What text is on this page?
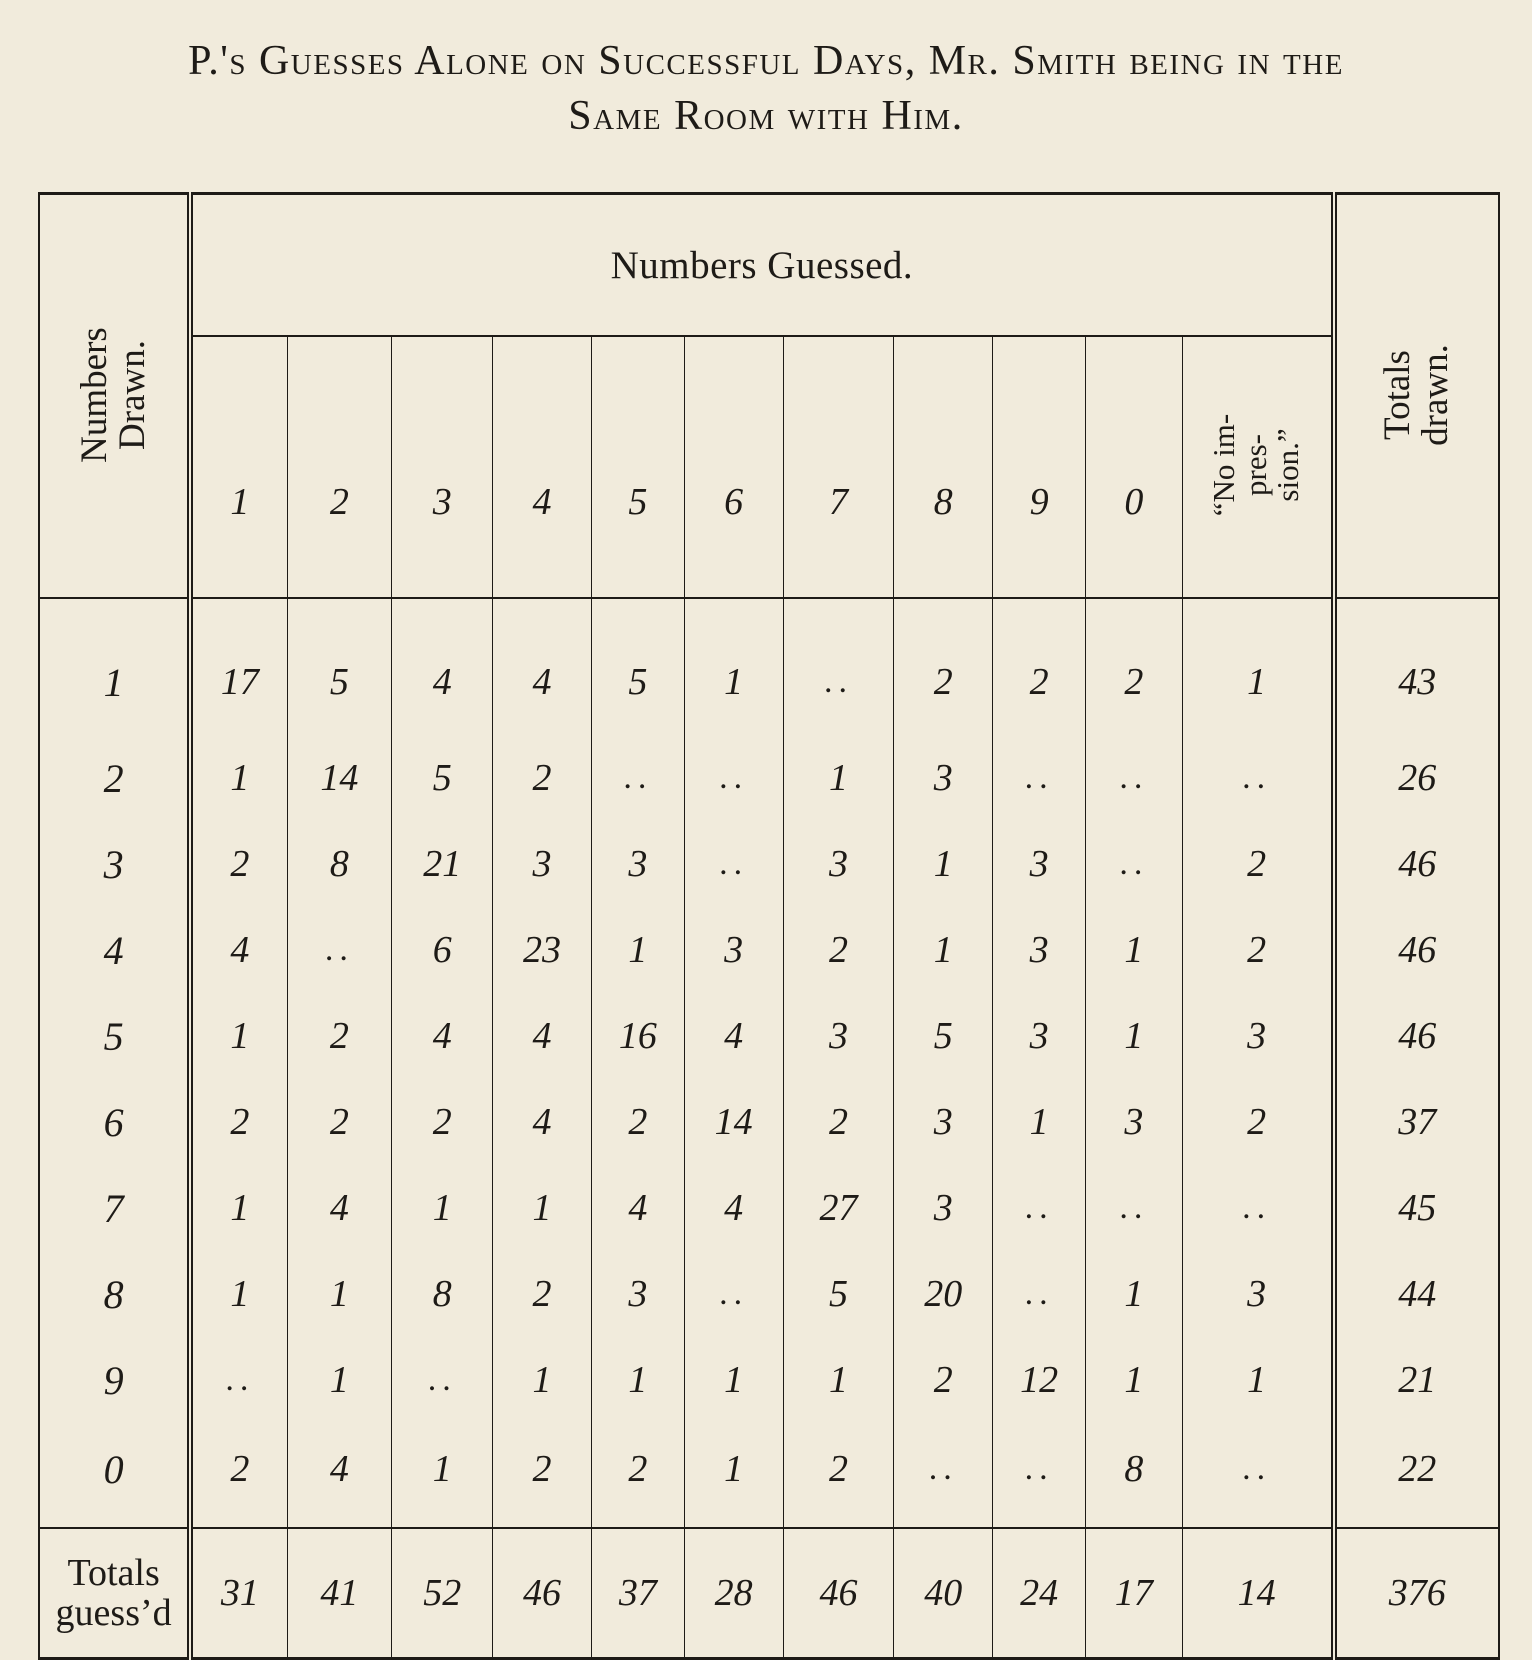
P.'s Guesses Alone on Successful Days, Mr. Smith being in the
Same Room with Him.
Numbers
Drawn.	Numbers Guessed.											Totals
drawn.

	1	2	3	4	5	6	7	8	9	0	“No im-
pres-
sion.”	

1	17	5	4	4	5	1	..	2	2	2	1	43
2	1	14	5	2	..	..	1	3	..	..	..	26
3	2	8	21	3	3	..	3	1	3	..	2	46
4	4	..	6	23	1	3	2	1	3	1	2	46
5	1	2	4	4	16	4	3	5	3	1	3	46
6	2	2	2	4	2	14	2	3	1	3	2	37
7	1	4	1	1	4	4	27	3	..	..	..	45
8	1	1	8	2	3	..	5	20	..	1	3	44
9	..	1	..	1	1	1	1	2	12	1	1	21
0	2	4	1	2	2	1	2	..	..	8	..	22

Totals
guess’d	31	41	52	46	37	28	46	40	24	17	14	376
